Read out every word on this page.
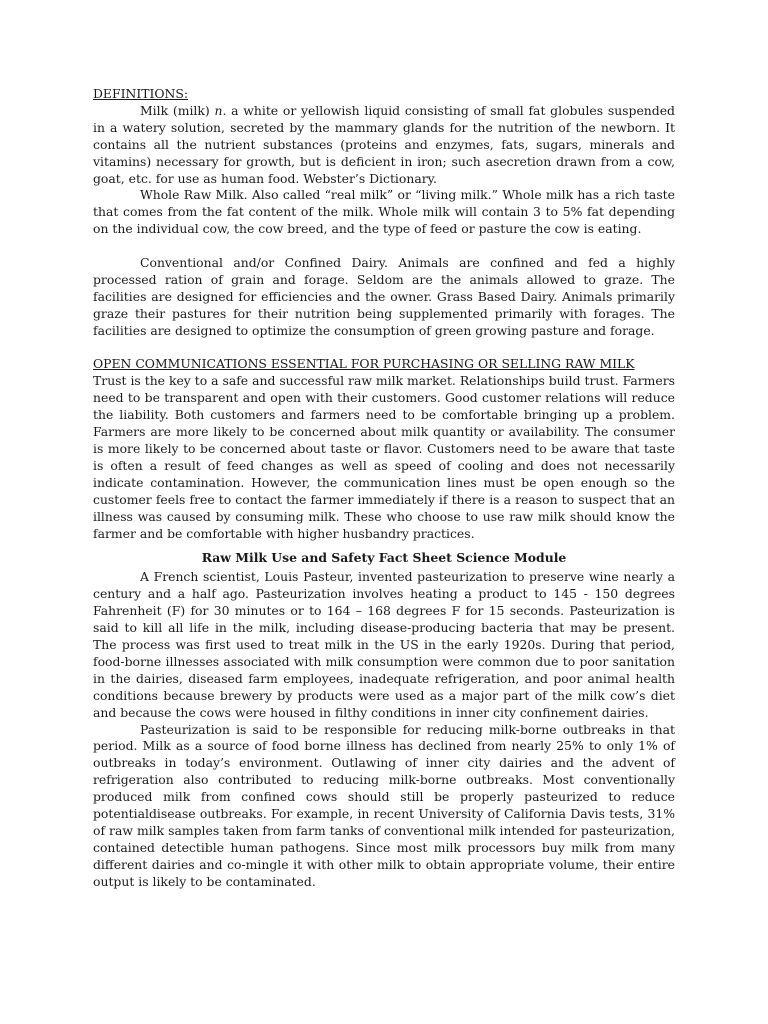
DEFINITIONS:

Milk (milk) n. a white or yellowish liquid consisting of small fat globules suspended in a watery solution, secreted by the mammary glands for the nutrition of the newborn. It contains all the nutrient substances (proteins and enzymes, fats, sugars, minerals and vitamins) necessary for growth, but is deficient in iron; such asecretion drawn from a cow, goat, etc. for use as human food. Webster’s Dictionary.

Whole Raw Milk. Also called “real milk” or “living milk.” Whole milk has a rich taste that comes from the fat content of the milk. Whole milk will contain 3 to 5% fat depending on the individual cow, the cow breed, and the type of feed or pasture the cow is eating.

Conventional and/or Confined Dairy. Animals are confined and fed a highly processed ration of grain and forage. Seldom are the animals allowed to graze. The facilities are designed for efficiencies and the owner. Grass Based Dairy. Animals primarily graze their pastures for their nutrition being supplemented primarily with forages. The facilities are designed to optimize the consumption of green growing pasture and forage.

OPEN COMMUNICATIONS ESSENTIAL FOR PURCHASING OR SELLING RAW MILK

Trust is the key to a safe and successful raw milk market. Relationships build trust. Farmers need to be transparent and open with their customers. Good customer relations will reduce the liability. Both customers and farmers need to be comfortable bringing up a problem. Farmers are more likely to be concerned about milk quantity or availability. The consumer is more likely to be concerned about taste or flavor. Customers need to be aware that taste is often a result of feed changes as well as speed of cooling and does not necessarily indicate contamination. However, the communication lines must be open enough so the customer feels free to contact the farmer immediately if there is a reason to suspect that an illness was caused by consuming milk. These who choose to use raw milk should know the farmer and be comfortable with higher husbandry practices.

Raw Milk Use and Safety Fact Sheet Science Module

A French scientist, Louis Pasteur, invented pasteurization to preserve wine nearly a century and a half ago. Pasteurization involves heating a product to 145 - 150 degrees Fahrenheit (F) for 30 minutes or to 164 – 168 degrees F for 15 seconds. Pasteurization is said to kill all life in the milk, including disease-producing bacteria that may be present. The process was first used to treat milk in the US in the early 1920s. During that period, food-borne illnesses associated with milk consumption were common due to poor sanitation in the dairies, diseased farm employees, inadequate refrigeration, and poor animal health conditions because brewery by products were used as a major part of the milk cow’s diet and because the cows were housed in filthy conditions in inner city confinement dairies.

Pasteurization is said to be responsible for reducing milk-borne outbreaks in that period. Milk as a source of food borne illness has declined from nearly 25% to only 1% of outbreaks in today’s environment. Outlawing of inner city dairies and the advent of refrigeration also contributed to reducing milk-borne outbreaks. Most conventionally produced milk from confined cows should still be properly pasteurized to reduce potentialdisease outbreaks. For example, in recent University of California Davis tests, 31% of raw milk samples taken from farm tanks of conventional milk intended for pasteurization, contained detectible human pathogens. Since most milk processors buy milk from many different dairies and co-mingle it with other milk to obtain appropriate volume, their entire output is likely to be contaminated.
